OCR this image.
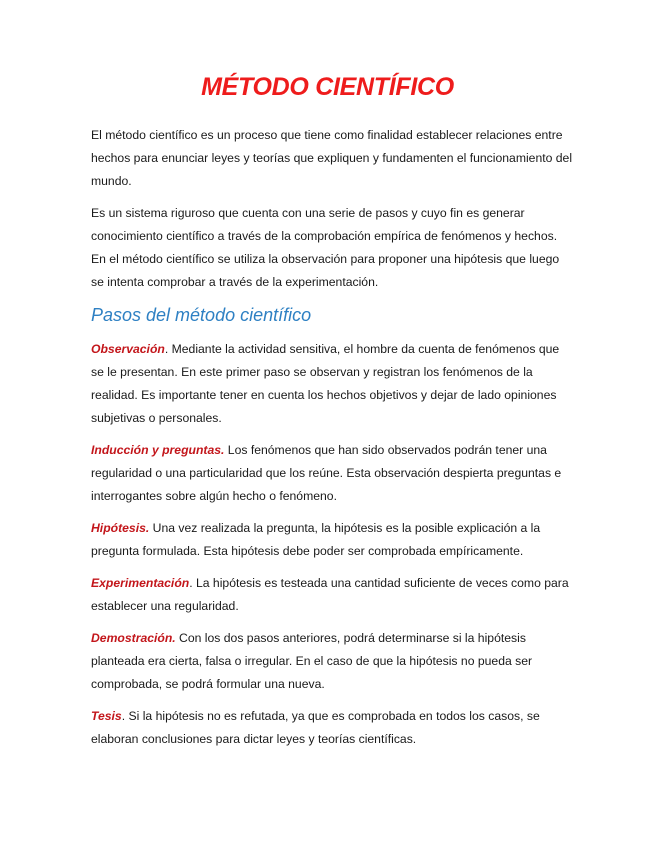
MÉTODO CIENTÍFICO

El método científico es un proceso que tiene como finalidad establecer relaciones entre hechos para enunciar leyes y teorías que expliquen y fundamenten el funcionamiento del mundo.

Es un sistema riguroso que cuenta con una serie de pasos y cuyo fin es generar conocimiento científico a través de la comprobación empírica de fenómenos y hechos. En el método científico se utiliza la observación para proponer una hipótesis que luego se intenta comprobar a través de la experimentación.

Pasos del método científico

Observación. Mediante la actividad sensitiva, el hombre da cuenta de fenómenos que se le presentan. En este primer paso se observan y registran los fenómenos de la realidad. Es importante tener en cuenta los hechos objetivos y dejar de lado opiniones subjetivas o personales.

Inducción y preguntas. Los fenómenos que han sido observados podrán tener una regularidad o una particularidad que los reúne. Esta observación despierta preguntas e interrogantes sobre algún hecho o fenómeno.

Hipótesis. Una vez realizada la pregunta, la hipótesis es la posible explicación a la pregunta formulada. Esta hipótesis debe poder ser comprobada empíricamente.

Experimentación. La hipótesis es testeada una cantidad suficiente de veces como para establecer una regularidad.

Demostración. Con los dos pasos anteriores, podrá determinarse si la hipótesis planteada era cierta, falsa o irregular. En el caso de que la hipótesis no pueda ser comprobada, se podrá formular una nueva.

Tesis. Si la hipótesis no es refutada, ya que es comprobada en todos los casos, se elaboran conclusiones para dictar leyes y teorías científicas.
